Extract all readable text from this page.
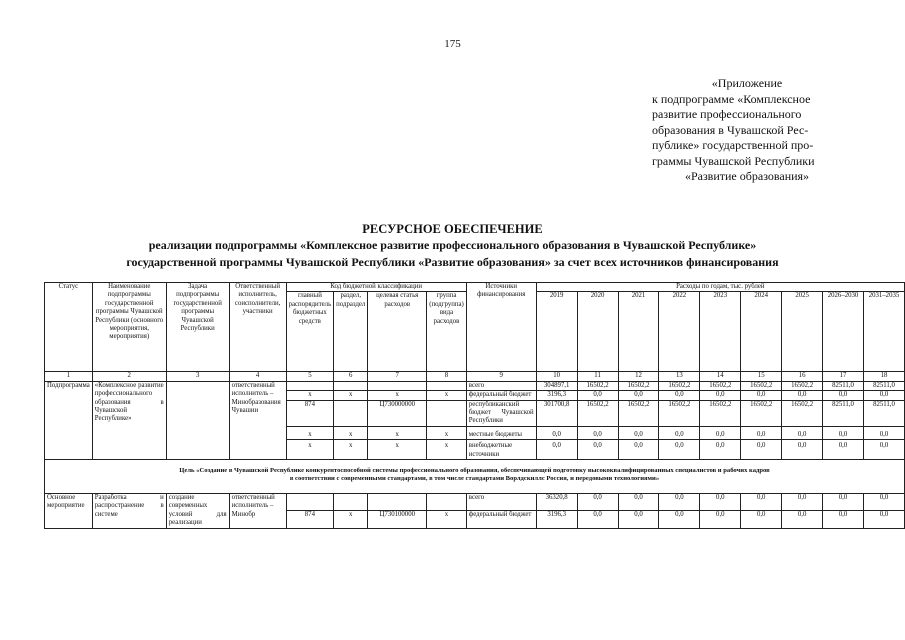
175
«Приложение
к подпрограмме «Комплексное
развитие профессионального
образования в Чувашской Рес-
публике» государственной про-
граммы Чувашской Республики
«Развитие образования»
РЕСУРСНОЕ ОБЕСПЕЧЕНИЕ
реализации подпрограммы «Комплексное развитие профессионального образования в Чувашской Республике»
государственной программы Чувашской Республики «Развитие образования» за счет всех источников финансирования
Статус	Наименование подпрограммы государственной программы Чувашской Республики (основного мероприятия, мероприятия)	Задача подпрограммы государственной программы Чувашской Республики	Ответственный исполнитель, соисполнители, участники	Код бюджетной классификации				Источники финансирования	Расходы по годам, тыс. рублей								
				главный распорядитель бюджетных средств	раздел, подраздел	целевая статья расходов	группа (подгруппа) вида расходов		2019	2020	2021	2022	2023	2024	2025	2026–2030	2031–2035
1	2	3	4	5	6	7	8	9	10	11	12	13	14	15	16	17	18
Подпрограмма	«Комплексное развитие профессионального образования в Чувашской Республике»		ответственный исполнитель – Минобразования Чувашии					всего	304897,1	16502,2	16502,2	16502,2	16502,2	16502,2	16502,2	82511,0	82511,0
				x	x	x	x	федеральный бюджет	3196,3	0,0	0,0	0,0	0,0	0,0	0,0	0,0	0,0
				874		Ц730000000		республиканский бюджет Чувашской Республики	301700,8	16502,2	16502,2	16502,2	16502,2	16502,2	16502,2	82511,0	82511,0
				x	x	x	x	местные бюджеты	0,0	0,0	0,0	0,0	0,0	0,0	0,0	0,0	0,0
				x	x	x	x	внебюджетные источники	0,0	0,0	0,0	0,0	0,0	0,0	0,0	0,0	0,0

Цель «Создание в Чувашской Республике конкурентоспособной системы профессионального образования, обеспечивающей подготовку высококвалифицированных специалистов и рабочих кадров
в соответствии с современными стандартами, в том числе стандартами Ворлдскиллс Россия, и передовыми технологиями»																	

Основное мероприятие	Разработка и распространение в системе	создание современных условий для реализации	ответственный исполнитель – Минобр					всего	36320,8	0,0	0,0	0,0	0,0	0,0	0,0	0,0	0,0
				874	x	Ц730100000	x	федеральный бюджет	3196,3	0,0	0,0	0,0	0,0	0,0	0,0	0,0	0,0
